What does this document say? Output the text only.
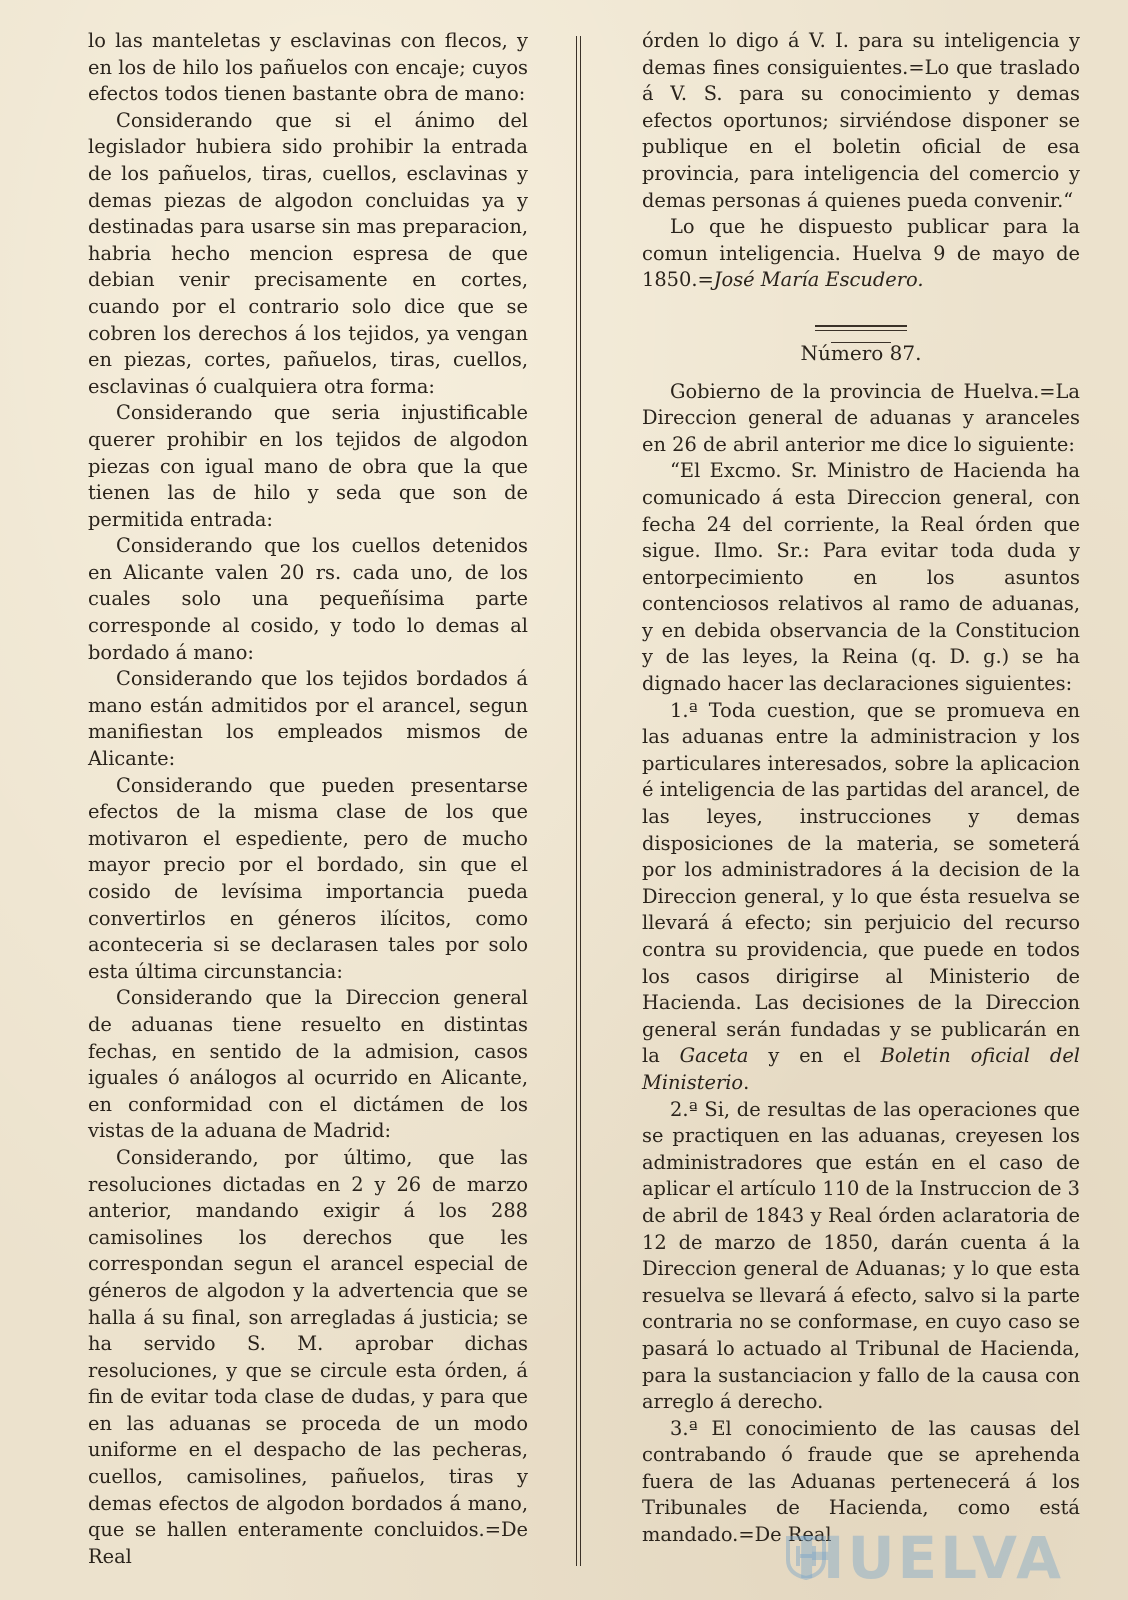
lo las manteletas y esclavinas con flecos, y en los de hilo los pañuelos con encaje; cuyos efectos todos tienen bastante obra de mano:

Considerando que si el ánimo del legislador hubiera sido prohibir la entrada de los pañuelos, tiras, cuellos, esclavinas y demas piezas de algodon concluidas ya y destinadas para usarse sin mas preparacion, habria hecho mencion espresa de que debian venir precisamente en cortes, cuando por el contrario solo dice que se cobren los derechos á los tejidos, ya vengan en piezas, cortes, pañuelos, tiras, cuellos, esclavinas ó cualquiera otra forma:

Considerando que seria injustificable querer prohibir en los tejidos de algodon piezas con igual mano de obra que la que tienen las de hilo y seda que son de permitida entrada:

Considerando que los cuellos detenidos en Alicante valen 20 rs. cada uno, de los cuales solo una pequeñísima parte corresponde al cosido, y todo lo demas al bordado á mano:

Considerando que los tejidos bordados á mano están admitidos por el arancel, segun manifiestan los empleados mismos de Alicante:

Considerando que pueden presentarse efectos de la misma clase de los que motivaron el espediente, pero de mucho mayor precio por el bordado, sin que el cosido de levísima importancia pueda convertirlos en géneros ilícitos, como aconteceria si se declarasen tales por solo esta última circunstancia:

Considerando que la Direccion general de aduanas tiene resuelto en distintas fechas, en sentido de la admision, casos iguales ó análogos al ocurrido en Alicante, en conformidad con el dictámen de los vistas de la aduana de Madrid:

Considerando, por último, que las resoluciones dictadas en 2 y 26 de marzo anterior, mandando exigir á los 288 camisolines los derechos que les correspondan segun el arancel especial de géneros de algodon y la advertencia que se halla á su final, son arregladas á justicia; se ha servido S. M. aprobar dichas resoluciones, y que se circule esta órden, á fin de evitar toda clase de dudas, y para que en las aduanas se proceda de un modo uniforme en el despacho de las pecheras, cuellos, camisolines, pañuelos, tiras y demas efectos de algodon bordados á mano, que se hallen enteramente concluidos.=De Real

órden lo digo á V. I. para su inteligencia y demas fines consiguientes.=Lo que traslado á V. S. para su conocimiento y demas efectos oportunos; sirviéndose disponer se publique en el boletin oficial de esa provincia, para inteligencia del comercio y demas personas á quienes pueda convenir.“

Lo que he dispuesto publicar para la comun inteligencia. Huelva 9 de mayo de 1850.=José María Escudero.

Número 87.

Gobierno de la provincia de Huelva.=La Direccion general de aduanas y aranceles en 26 de abril anterior me dice lo siguiente:

“El Excmo. Sr. Ministro de Hacienda ha comunicado á esta Direccion general, con fecha 24 del corriente, la Real órden que sigue. Ilmo. Sr.: Para evitar toda duda y entorpecimiento en los asuntos contenciosos relativos al ramo de aduanas, y en debida observancia de la Constitucion y de las leyes, la Reina (q. D. g.) se ha dignado hacer las declaraciones siguientes:

1.ª Toda cuestion, que se promueva en las aduanas entre la administracion y los particulares interesados, sobre la aplicacion é inteligencia de las partidas del arancel, de las leyes, instrucciones y demas disposiciones de la materia, se someterá por los administradores á la decision de la Direccion general, y lo que ésta resuelva se llevará á efecto; sin perjuicio del recurso contra su providencia, que puede en todos los casos dirigirse al Ministerio de Hacienda. Las decisiones de la Direccion general serán fundadas y se publicarán en la Gaceta y en el Boletin oficial del Ministerio.

2.ª Si, de resultas de las operaciones que se practiquen en las aduanas, creyesen los administradores que están en el caso de aplicar el artículo 110 de la Instruccion de 3 de abril de 1843 y Real órden aclaratoria de 12 de marzo de 1850, darán cuenta á la Direccion general de Aduanas; y lo que esta resuelva se llevará á efecto, salvo si la parte contraria no se conformase, en cuyo caso se pasará lo actuado al Tribunal de Hacienda, para la sustanciacion y fallo de la causa con arreglo á derecho.

3.ª El conocimiento de las causas del contrabando ó fraude que se aprehenda fuera de las Aduanas pertenecerá á los Tribunales de Hacienda, como está mandado.=De Real

HUELVA
